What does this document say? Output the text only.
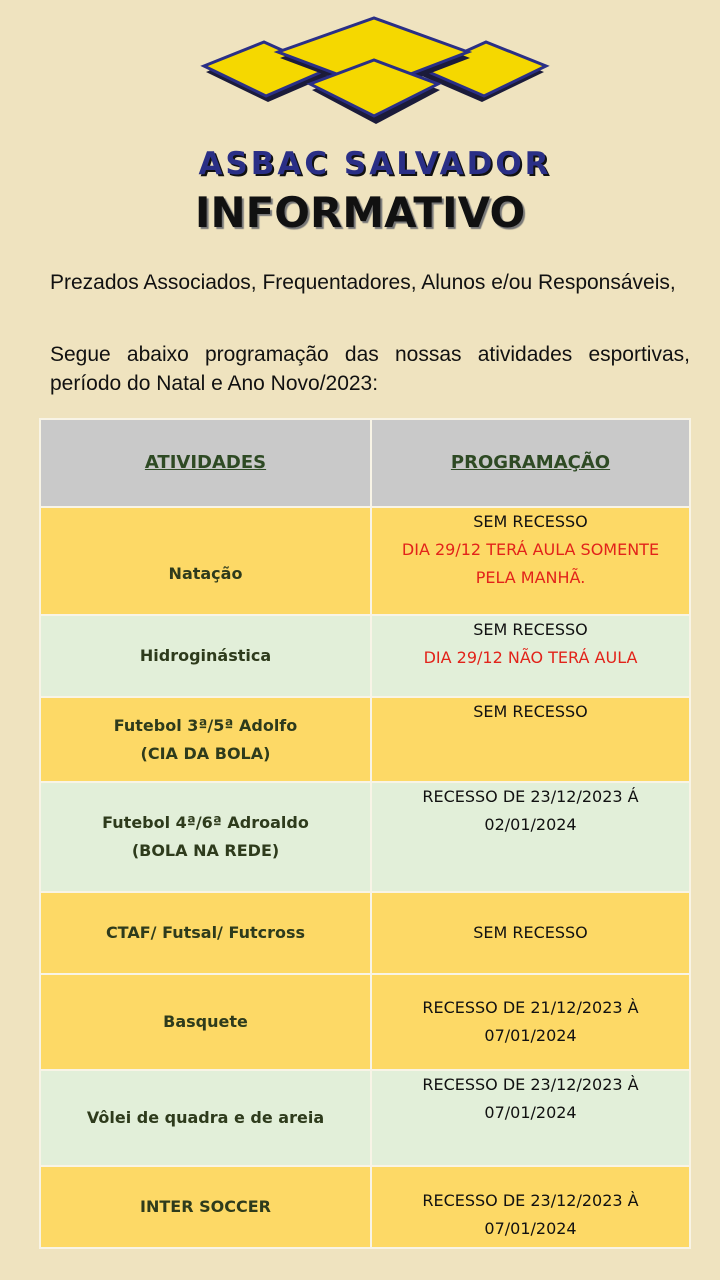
ASBAC SALVADOR
INFORMATIVO
Prezados Associados, Frequentadores, Alunos e/ou Responsáveis,
Segue abaixo programação das nossas atividades esportivas, período do Natal e Ano Novo/2023:
ATIVIDADES	PROGRAMAÇÃO

Natação	SEM RECESSO
DIA 29/12 TERÁ AULA SOMENTE
PELA MANHÃ.

Hidroginástica	SEM RECESSO
DIA 29/12 NÃO TERÁ AULA

Futebol 3ª/5ª Adolfo
(CIA DA BOLA)	SEM RECESSO

Futebol 4ª/6ª Adroaldo
(BOLA NA REDE)	RECESSO DE 23/12/2023 Á
02/01/2024

CTAF/ Futsal/ Futcross	SEM RECESSO

Basquete	RECESSO DE 21/12/2023 À
07/01/2024

Vôlei de quadra e de areia	RECESSO DE 23/12/2023 À
07/01/2024

INTER SOCCER	RECESSO DE 23/12/2023 À
07/01/2024
